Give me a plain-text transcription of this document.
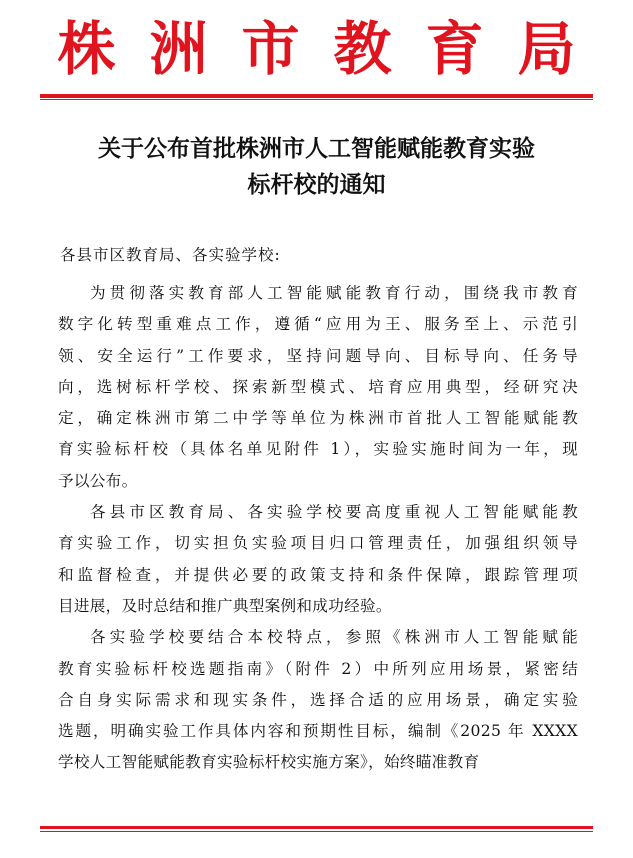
株洲市教育局
关于公布首批株洲市人工智能赋能教育实验
标杆校的通知
各县市区教育局、各实验学校:
为贯彻落实教育部人工智能赋能教育行动，围绕我市教育
数字化转型重难点工作，遵循“应用为王、服务至上、示范引
领、安全运行”工作要求，坚持问题导向、目标导向、任务导
向，选树标杆学校、探索新型模式、培育应用典型，经研究决
定，确定株洲市第二中学等单位为株洲市首批人工智能赋能教
育实验标杆校（具体名单见附件 1），实验实施时间为一年，现
予以公布。
各县市区教育局、各实验学校要高度重视人工智能赋能教
育实验工作，切实担负实验项目归口管理责任，加强组织领导
和监督检查，并提供必要的政策支持和条件保障，跟踪管理项
目进展，及时总结和推广典型案例和成功经验。
各实验学校要结合本校特点，参照《株洲市人工智能赋能
教育实验标杆校选题指南》（附件 2）中所列应用场景，紧密结
合自身实际需求和现实条件，选择合适的应用场景，确定实验
选题，明确实验工作具体内容和预期性目标，编制《2025 年 XXXX
学校人工智能赋能教育实验标杆校实施方案》，始终瞄准教育
